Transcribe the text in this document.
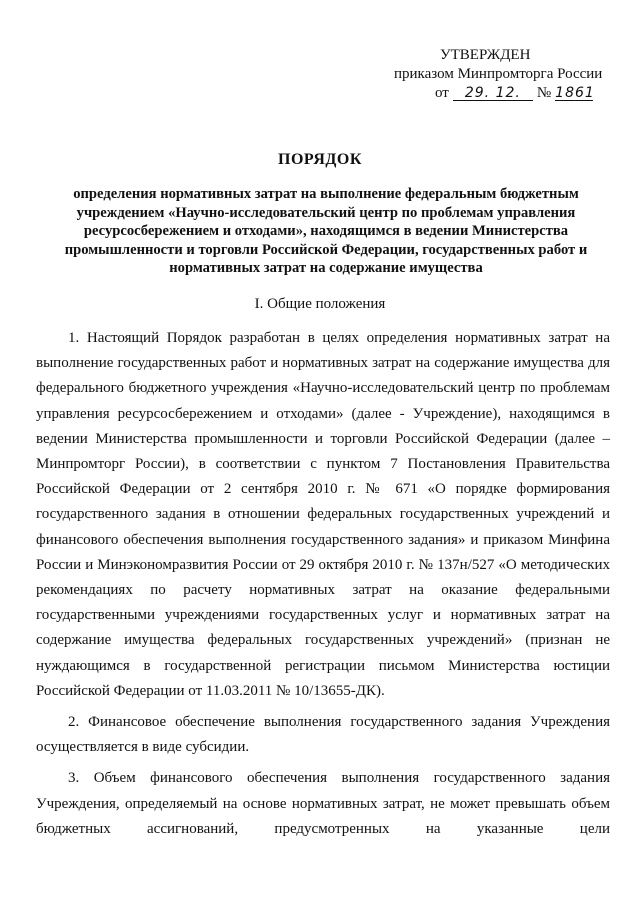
УТВЕРЖДЕН
приказом Минпромторга России
от 29. 12. № 1861
ПОРЯДОК
определения нормативных затрат на выполнение федеральным бюджетным учреждением «Научно-исследовательский центр по проблемам управления ресурсосбережением и отходами», находящимся в ведении Министерства промышленности и торговли Российской Федерации, государственных работ и нормативных затрат на содержание имущества
I. Общие положения

1. Настоящий Порядок разработан в целях определения нормативных затрат на выполнение государственных работ и нормативных затрат на содержание имущества для федерального бюджетного учреждения «Научно-исследовательский центр по проблемам управления ресурсосбережением и отходами» (далее - Учреждение), находящимся в ведении Министерства промышленности и торговли Российской Федерации (далее – Минпромторг России), в соответствии с пунктом 7 Постановления Правительства Российской Федерации от 2 сентября 2010 г. № 671 «О порядке формирования государственного задания в отношении федеральных государственных учреждений и финансового обеспечения выполнения государственного задания» и приказом Минфина России и Минэкономразвития России от 29 октября 2010 г. № 137н/527 «О методических рекомендациях по расчету нормативных затрат на оказание федеральными государственными учреждениями государственных услуг и нормативных затрат на содержание имущества федеральных государственных учреждений» (признан не нуждающимся в государственной регистрации письмом Министерства юстиции Российской Федерации от 11.03.2011 № 10/13655-ДК).

2. Финансовое обеспечение выполнения государственного задания Учреждения осуществляется в виде субсидии.

3. Объем финансового обеспечения выполнения государственного задания Учреждения, определяемый на основе нормативных затрат, не может превышать объем бюджетных ассигнований, предусмотренных на указанные цели
